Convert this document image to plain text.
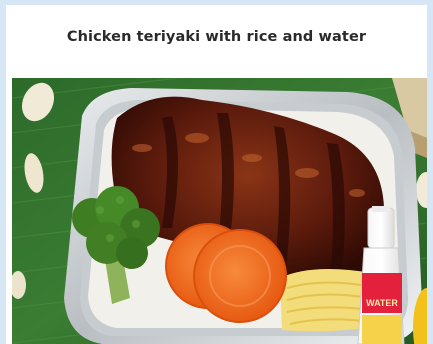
Chicken teriyaki with rice and water
WATER
